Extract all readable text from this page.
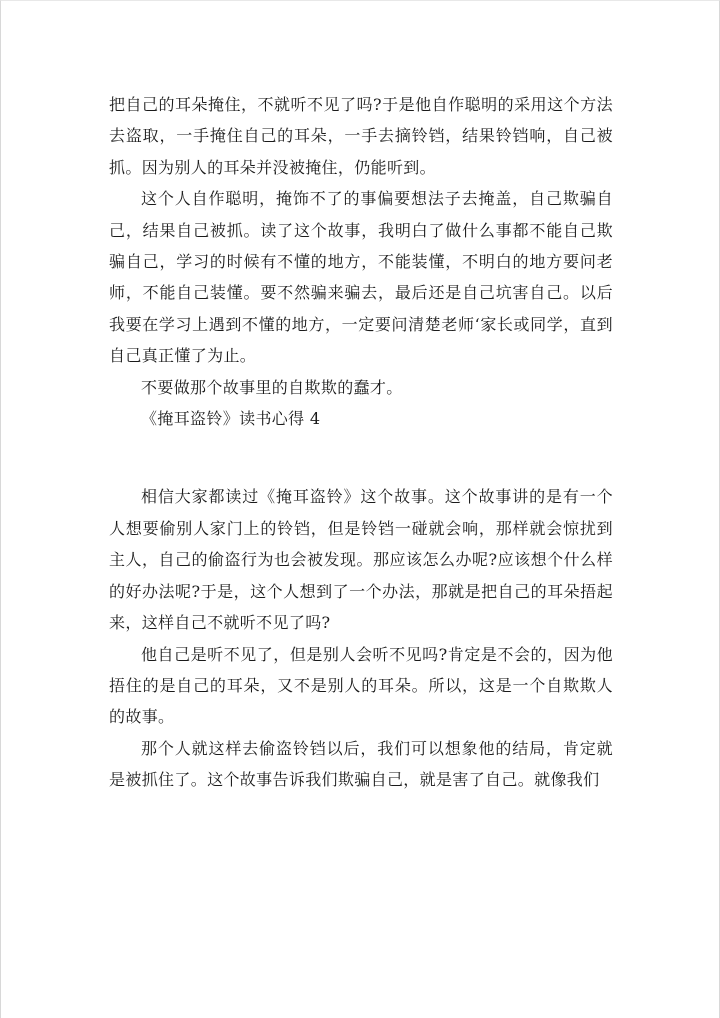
把自己的耳朵掩住，不就听不见了吗?于是他自作聪明的采用这个方法去盗取，一手掩住自己的耳朵，一手去摘铃铛，结果铃铛响，自己被抓。因为别人的耳朵并没被掩住，仍能听到。

这个人自作聪明，掩饰不了的事偏要想法子去掩盖，自己欺骗自己，结果自己被抓。读了这个故事，我明白了做什么事都不能自己欺骗自己，学习的时候有不懂的地方，不能装懂，不明白的地方要问老师，不能自己装懂。要不然骗来骗去，最后还是自己坑害自己。以后我要在学习上遇到不懂的地方，一定要问清楚老师‘家长或同学，直到自己真正懂了为止。

不要做那个故事里的自欺欺的蠢才。

《掩耳盗铃》读书心得 4

相信大家都读过《掩耳盗铃》这个故事。这个故事讲的是有一个人想要偷别人家门上的铃铛，但是铃铛一碰就会响，那样就会惊扰到主人，自己的偷盗行为也会被发现。那应该怎么办呢?应该想个什么样的好办法呢?于是，这个人想到了一个办法，那就是把自己的耳朵捂起来，这样自己不就听不见了吗?

他自己是听不见了，但是别人会听不见吗?肯定是不会的，因为他捂住的是自己的耳朵，又不是别人的耳朵。所以，这是一个自欺欺人的故事。

那个人就这样去偷盗铃铛以后，我们可以想象他的结局，肯定就是被抓住了。这个故事告诉我们欺骗自己，就是害了自己。就像我们
